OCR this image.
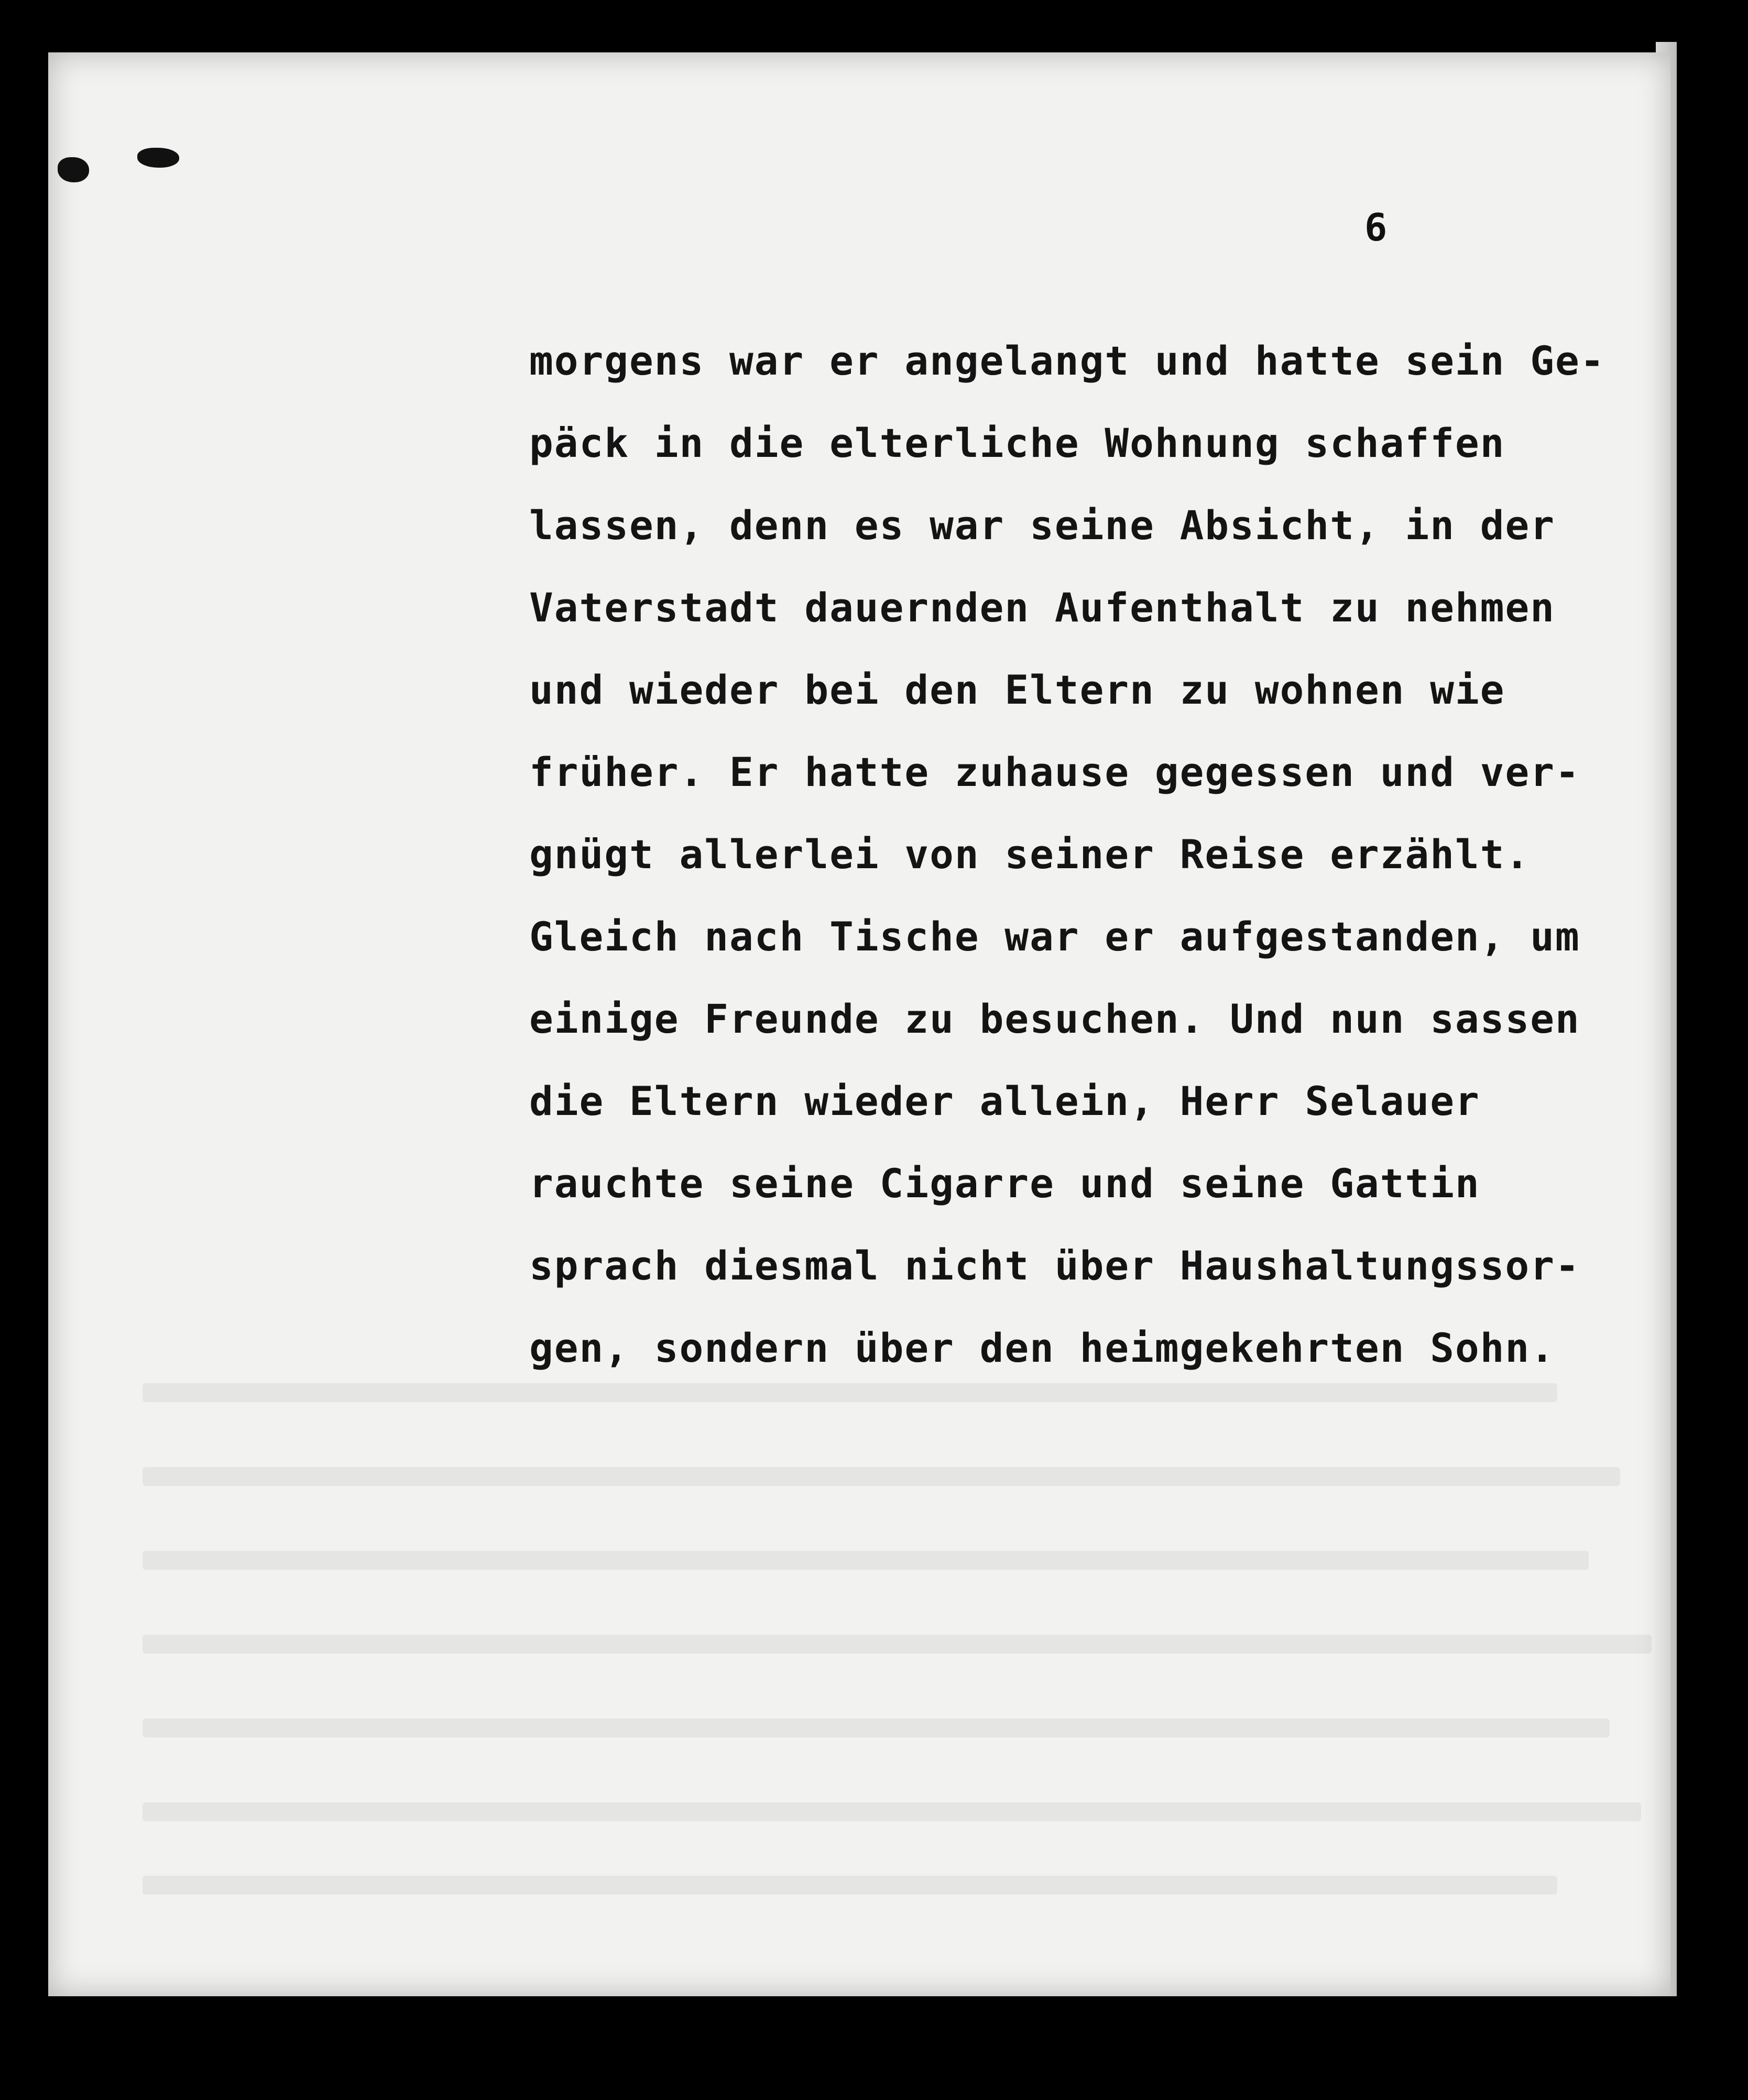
6

morgens war er angelangt und hatte sein Ge-
päck in die elterliche Wohnung schaffen
lassen, denn es war seine Absicht, in der
Vaterstadt dauernden Aufenthalt zu nehmen
und wieder bei den Eltern zu wohnen wie
früher. Er hatte zuhause gegessen und ver-
gnügt allerlei von seiner Reise erzählt.
Gleich nach Tische war er aufgestanden, um
einige Freunde zu besuchen. Und nun sassen
die Eltern wieder allein, Herr Selauer
rauchte seine Cigarre und seine Gattin
sprach diesmal nicht über Haushaltungssor-
gen, sondern über den heimgekehrten Sohn.
